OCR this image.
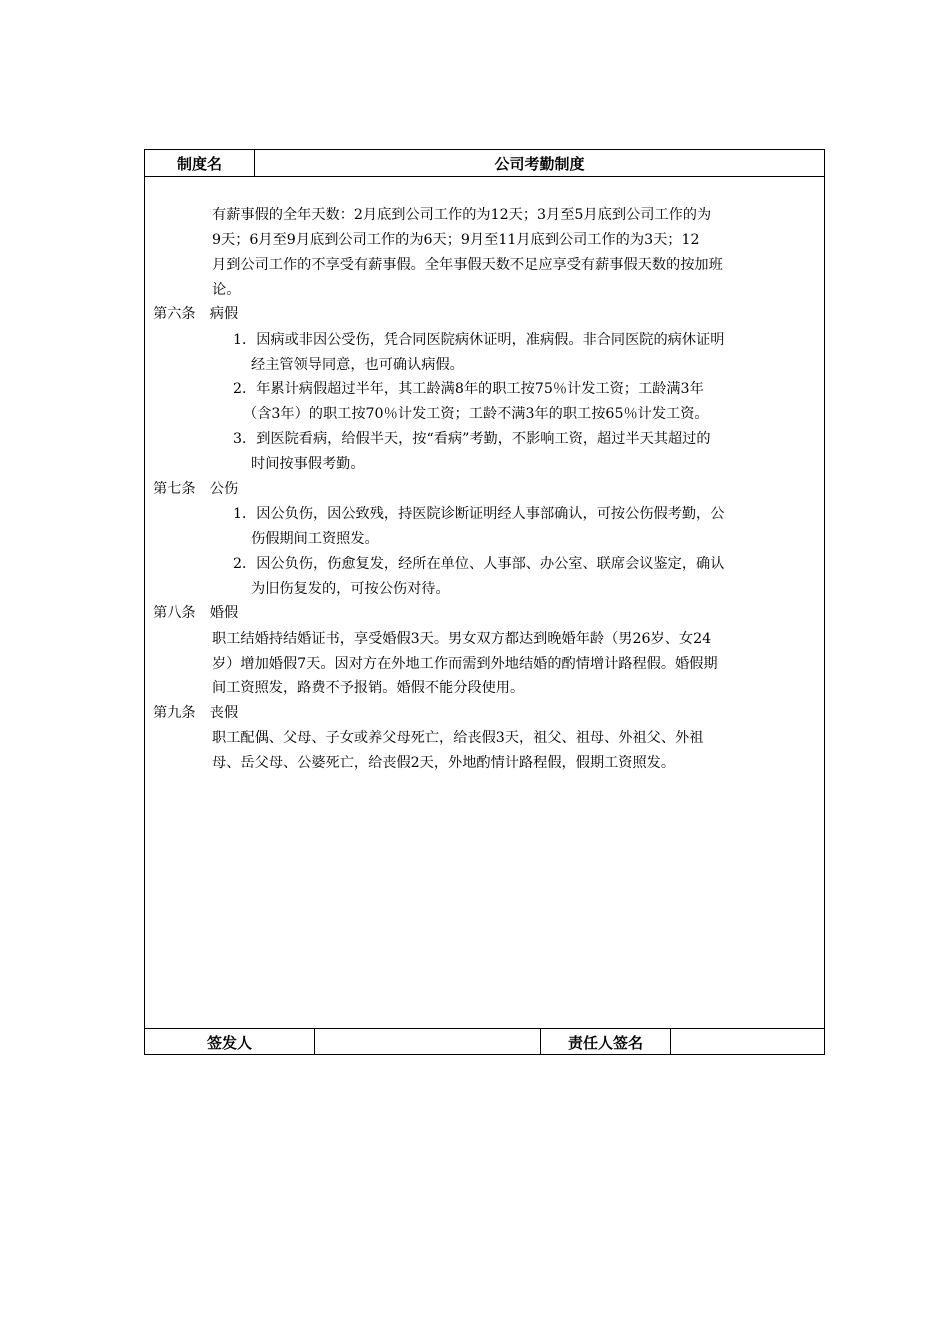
制度名	公司考勤制度
有薪事假的全年天数：2月底到公司工作的为12天；3月至5月底到公司工作的为
9天；6月至9月底到公司工作的为6天；9月至11月底到公司工作的为3天；12
月到公司工作的不享受有薪事假。全年事假天数不足应享受有薪事假天数的按加班
论。
第六条　病假
1．因病或非因公受伤，凭合同医院病休证明，准病假。非合同医院的病休证明
经主管领导同意，也可确认病假。
2．年累计病假超过半年，其工龄满8年的职工按75％计发工资；工龄满3年
（含3年）的职工按70％计发工资；工龄不满3年的职工按65％计发工资。
3．到医院看病，给假半天，按“看病”考勤，不影响工资，超过半天其超过的
时间按事假考勤。
第七条　公伤
1．因公负伤，因公致残，持医院诊断证明经人事部确认，可按公伤假考勤，公
伤假期间工资照发。
2．因公负伤，伤愈复发，经所在单位、人事部、办公室、联席会议鉴定，确认
为旧伤复发的，可按公伤对待。
第八条　婚假
职工结婚持结婚证书，享受婚假3天。男女双方都达到晚婚年龄（男26岁、女24
岁）增加婚假7天。因对方在外地工作而需到外地结婚的酌情增计路程假。婚假期
间工资照发，路费不予报销。婚假不能分段使用。
第九条　丧假
职工配偶、父母、子女或养父母死亡，给丧假3天，祖父、祖母、外祖父、外祖
母、岳父母、公婆死亡，给丧假2天，外地酌情计路程假，假期工资照发。
签发人	责任人签名
